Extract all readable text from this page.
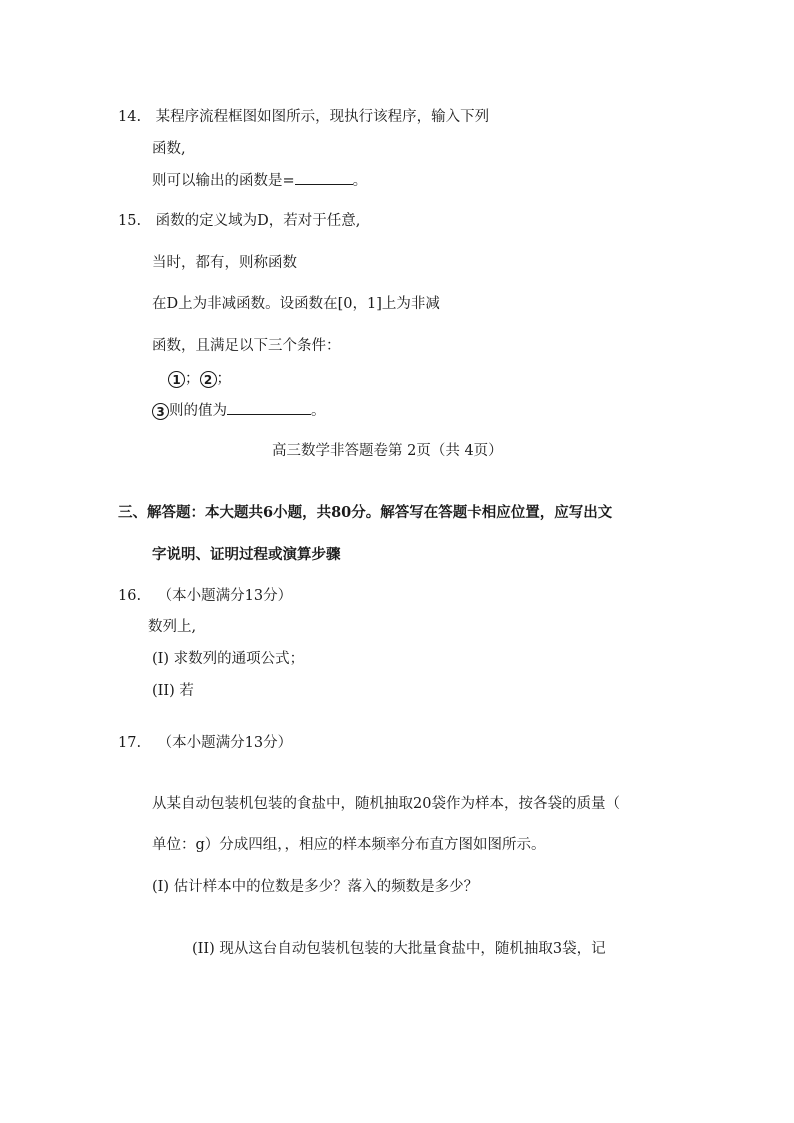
14. 某程序流程框图如图所示，现执行该程序，输入下列
函数,
则可以输出的函数是=	。
15. 函数的定义域为D，若对于任意,
当时，都有，则称函数
在D上为非减函数。设函数在[0，1]上为非减
函数，且满足以下三个条件：
1 ； 2 ；
3 则的值为	。
高三数学非答题卷第 2页（共 4页）
三、解答题：本大题共6小题，共80分。解答写在答题卡相应位置，应写出文
字说明、证明过程或演算步骤
16. （本小题满分13分）
数列上,
(I) 求数列的通项公式；
(II) 若
17. （本小题满分13分）
从某自动包装机包装的食盐中，随机抽取20袋作为样本，按各袋的质量（
单位：g）分成四组，，相应的样本频率分布直方图如图所示。
(I) 估计样本中的位数是多少？落入的频数是多少？
(II) 现从这台自动包装机包装的大批量食盐中，随机抽取3袋，记
